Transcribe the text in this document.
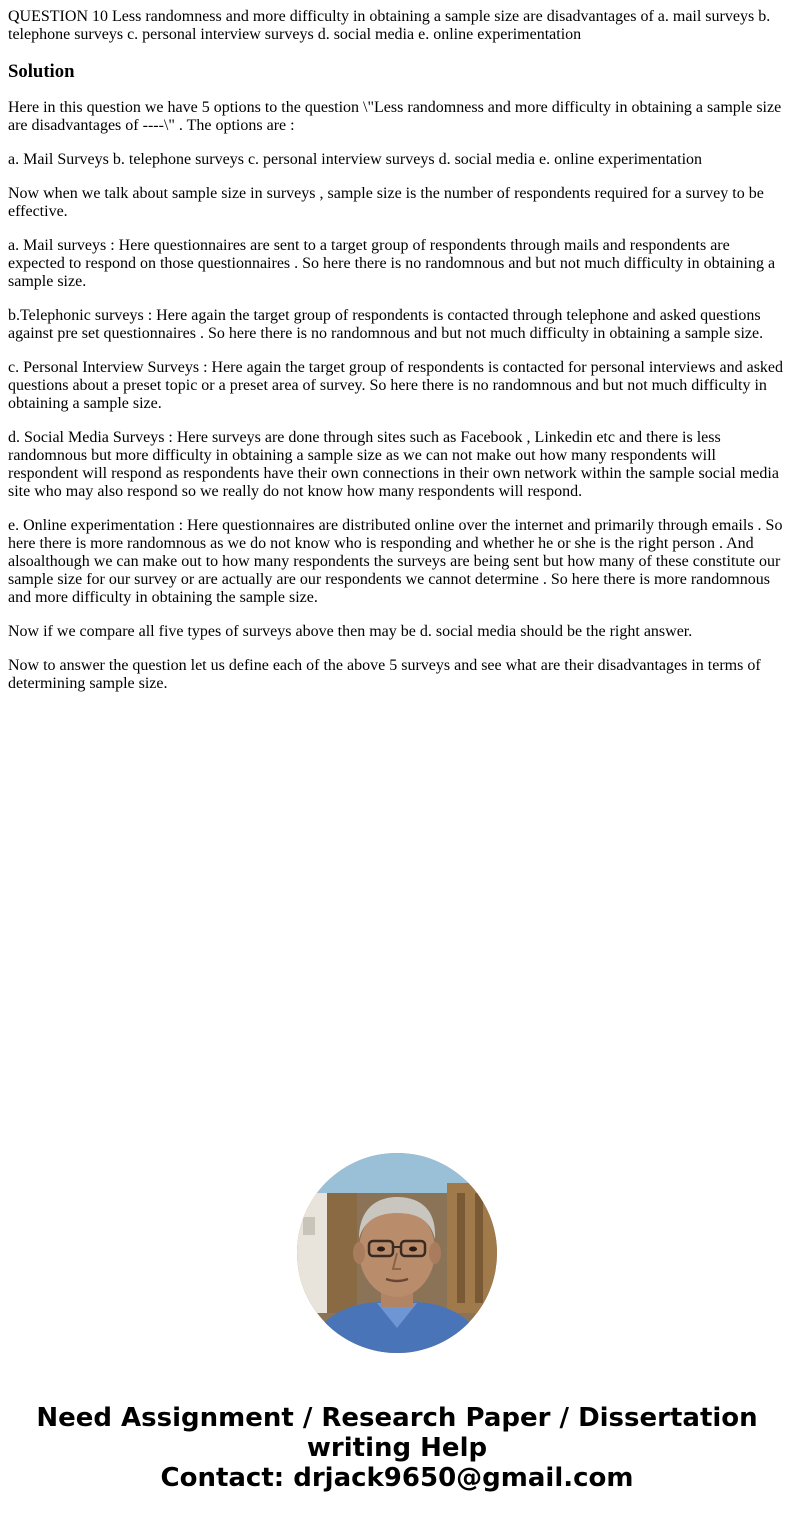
QUESTION 10 Less randomness and more difficulty in obtaining a sample size are disadvantages of a. mail surveys b. telephone surveys c. personal interview surveys d. social media e. online experimentation

Solution

Here in this question we have 5 options to the question \"Less randomness and more difficulty in obtaining a sample size are disadvantages of ----\" . The options are :

a. Mail Surveys b. telephone surveys c. personal interview surveys d. social media e. online experimentation

Now when we talk about sample size in surveys , sample size is the number of respondents required for a survey to be effective.

a. Mail surveys : Here questionnaires are sent to a target group of respondents through mails and respondents are expected to respond on those questionnaires . So here there is no randomnous and but not much difficulty in obtaining a sample size.

b.Telephonic surveys : Here again the target group of respondents is contacted through telephone and asked questions against pre set questionnaires . So here there is no randomnous and but not much difficulty in obtaining a sample size.

c. Personal Interview Surveys : Here again the target group of respondents is contacted for personal interviews and asked questions about a preset topic or a preset area of survey. So here there is no randomnous and but not much difficulty in obtaining a sample size.

d. Social Media Surveys : Here surveys are done through sites such as Facebook , Linkedin etc and there is less randomnous but more difficulty in obtaining a sample size as we can not make out how many respondents will respondent will respond as respondents have their own connections in their own network within the sample social media site who may also respond so we really do not know how many respondents will respond.

e. Online experimentation : Here questionnaires are distributed online over the internet and primarily through emails . So here there is more randomnous as we do not know who is responding and whether he or she is the right person . And alsoalthough we can make out to how many respondents the surveys are being sent but how many of these constitute our sample size for our survey or are actually are our respondents we cannot determine . So here there is more randomnous and more difficulty in obtaining the sample size.

Now if we compare all five types of surveys above then may be d. social media should be the right answer.

Now to answer the question let us define each of the above 5 surveys and see what are their disadvantages in terms of determining sample size.

Need Assignment / Research Paper / Dissertation
writing Help
Contact: drjack9650@gmail.com
